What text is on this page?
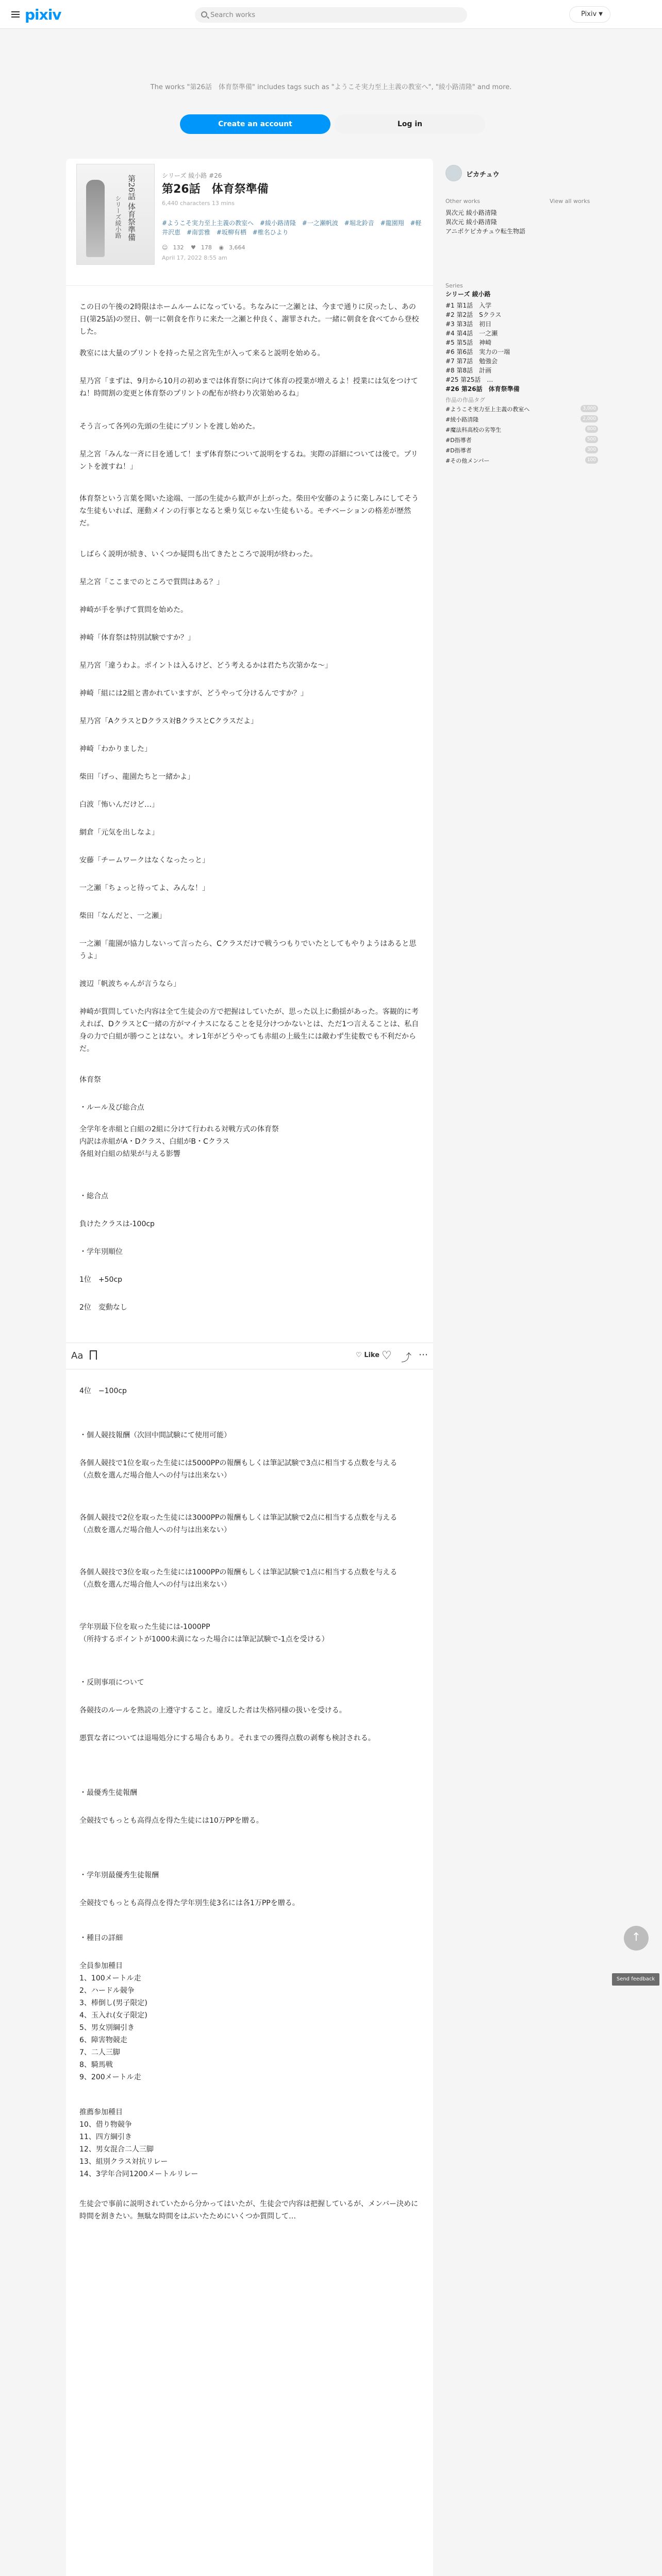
pixiv	Search works	Pixiv ▼
The works "第26話　体育祭準備" includes tags such as "ようこそ実力至上主義の教室へ", "綾小路清隆" and more.
Create an account	Log in
第26話 体育祭準備
シリーズ綾小路
シリーズ 綾小路 #26
第26話　体育祭準備
6,440 characters 13 mins
#ようこそ実力至上主義の教室へ #綾小路清隆 #一之瀬帆波 #堀北鈴音 #龍園翔 #軽井沢恵 #南雲雅 #坂柳有栖 #椎名ひより
☺ 132 ♥ 178 ◉ 3,664
April 17, 2022 8:55 am
この日の午後の2時限はホームルームになっている。ちなみに一之瀬とは、今まで通りに戻ったし、あの日(第25話)の翌日、朝一に朝食を作りに来た一之瀬と仲良く、謝罪された。一緒に朝食を食べてから登校した。
教室には大量のプリントを持った星之宮先生が入って来ると説明を始める。
星乃宮「まずは、9月から10月の初めまでは体育祭に向けて体育の授業が増えるよ！授業には気をつけてね！時間割の変更と体育祭のプリントの配布が終わり次第始めるね」
そう言って各列の先頭の生徒にプリントを渡し始めた。
星之宮「みんな一斉に目を通して！まず体育祭について説明をするね。実際の詳細については後で。プリントを渡すね！」
体育祭という言葉を聞いた途端、一部の生徒から歓声が上がった。柴田や安藤のように楽しみにしてそうな生徒もいれば、運動メインの行事となると乗り気じゃない生徒もいる。モチベーションの格差が歴然だ。
しばらく説明が続き、いくつか疑問も出てきたところで説明が終わった。
星之宮「ここまでのところで質問はある？」
神崎が手を挙げて質問を始めた。
神崎「体育祭は特別試験ですか？」
星乃宮「違うわよ。ポイントは入るけど、どう考えるかは君たち次第かな～」
神崎「組には2組と書かれていますが、どうやって分けるんですか？」
星乃宮「AクラスとDクラス対BクラスとCクラスだよ」
神崎「わかりました」
柴田「げっ、龍園たちと一緒かよ」
白波「怖いんだけど…」
網倉「元気を出しなよ」
安藤「チームワークはなくなったっと」
一之瀬「ちょっと待ってよ、みんな！」
柴田「なんだと、一之瀬」
一之瀬「龍園が協力しないって言ったら、Cクラスだけで戦うつもりでいたとしてもやりようはあると思うよ」
渡辺「帆波ちゃんが言うなら」
神崎が質問していた内容は全て生徒会の方で把握はしていたが、思った以上に動揺があった。客観的に考えれば、DクラスとC一緒の方がマイナスになることを見分けつかないとは、ただ1つ言えることは、私自身の力で白組が勝つことはない。オレ1年がどうやっても赤組の上級生には敵わず生徒数でも不利だからだ。
体育祭
・ルール及び総合点
全学年を赤組と白組の2組に分けて行われる対戦方式の体育祭
内訳は赤組がA・Dクラス、白組がB・Cクラス
各組対白組の結果が与える影響
・総合点
負けたクラスは-100cp
・学年別順位
1位　+50cp
2位　変動なし
Aa	♡ Like ♡ ⤴ ⋯
4位　−100cp
・個人競技報酬（次回中間試験にて使用可能）
各個人競技で1位を取った生徒には5000PPの報酬もしくは筆記試験で3点に相当する点数を与える
（点数を選んだ場合他人への付与は出来ない）
各個人競技で2位を取った生徒には3000PPの報酬もしくは筆記試験で2点に相当する点数を与える
（点数を選んだ場合他人への付与は出来ない）
各個人競技で3位を取った生徒には1000PPの報酬もしくは筆記試験で1点に相当する点数を与える
（点数を選んだ場合他人への付与は出来ない）
学年別最下位を取った生徒には-1000PP
（所持するポイントが1000未満になった場合には筆記試験で-1点を受ける）
・反則事項について
各競技のルールを熟読の上遵守すること。違反した者は失格同様の扱いを受ける。
悪質な者については退場処分にする場合もあり。それまでの獲得点数の剥奪も検討される。
・最優秀生徒報酬
全競技でもっとも高得点を得た生徒には10万PPを贈る。
・学年別最優秀生徒報酬
全競技でもっとも高得点を得た学年別生徒3名には各1万PPを贈る。
・種目の詳細
全員参加種目
1、100メートル走
2、ハードル競争
3、棒倒し(男子限定)
4、玉入れ(女子限定)
5、男女別綱引き
6、障害物競走
7、二人三脚
8、騎馬戦
9、200メートル走
推薦参加種目
10、借り物競争
11、四方綱引き
12、男女混合二人三脚
13、組別クラス対抗リレー
14、3学年合同1200メートルリレー
生徒会で事前に説明されていたから分かってはいたが、生徒会で内容は把握しているが、メンバー決めに時間を割きたい。無駄な時間をはぶいたためにいくつか質問して…
ピカチュウ
Other works	View all works
異次元 綾小路清隆
異次元 綾小路清隆
アニポケピカチュウ転生物語
Series
シリーズ 綾小路
#1 第1話　入学
#2 第2話　Sクラス
#3 第3話　初日
#4 第4話　一之瀬
#5 第5話　神崎
#6 第6話　実力の一端
#7 第7話　勉強会
#8 第8話　計画
#25 第25話　…
#26 第26話　体育祭準備
作品の作品タグ
#ようこそ実力至上主義の教室へ	3,000
#綾小路清隆	2,000
#魔法科高校の劣等生	800
#D指導者	500
#D指導者	300
#その他メンバー	100
↑
Send feedback
